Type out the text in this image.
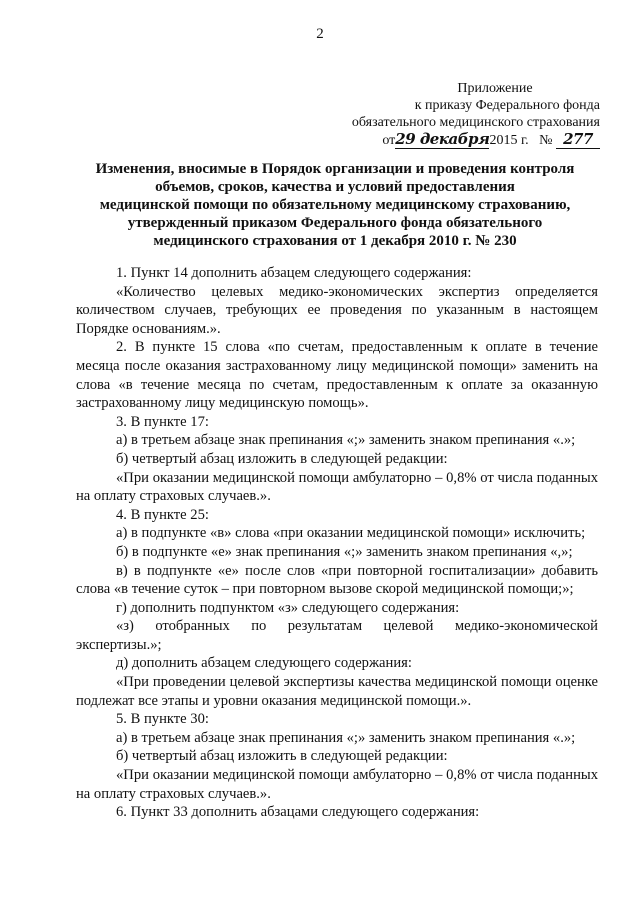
2
Приложение
к приказу Федерального фонда
обязательного медицинского страхования
от29 декабря2015 г. № 277
Изменения, вносимые в Порядок организации и проведения контроля
объемов, сроков, качества и условий предоставления
медицинской помощи по обязательному медицинскому страхованию,
утвержденный приказом Федерального фонда обязательного
медицинского страхования от 1 декабря 2010 г. № 230

1. Пункт 14 дополнить абзацем следующего содержания:

«Количество целевых медико-экономических экспертиз определяется количеством случаев, требующих ее проведения по указанным в настоящем Порядке основаниям.».

2. В пункте 15 слова «по счетам, предоставленным к оплате в течение месяца после оказания застрахованному лицу медицинской помощи» заменить на слова «в течение месяца по счетам, предоставленным к оплате за оказанную застрахованному лицу медицинскую помощь».

3. В пункте 17:

а) в третьем абзаце знак препинания «;» заменить знаком препинания «.»;

б) четвертый абзац изложить в следующей редакции:

«При оказании медицинской помощи амбулаторно – 0,8% от числа поданных на оплату страховых случаев.».

4. В пункте 25:

а) в подпункте «в» слова «при оказании медицинской помощи» исключить;

б) в подпункте «е» знак препинания «;» заменить знаком препинания «,»;

в) в подпункте «е» после слов «при повторной госпитализации» добавить слова «в течение суток – при повторном вызове скорой медицинской помощи;»;

г) дополнить подпунктом «з» следующего содержания:

«з) отобранных по результатам целевой медико-экономической экспертизы.»;

д) дополнить абзацем следующего содержания:

«При проведении целевой экспертизы качества медицинской помощи оценке подлежат все этапы и уровни оказания медицинской помощи.».

5. В пункте 30:

а) в третьем абзаце знак препинания «;» заменить знаком препинания «.»;

б) четвертый абзац изложить в следующей редакции:

«При оказании медицинской помощи амбулаторно – 0,8% от числа поданных на оплату страховых случаев.».

6. Пункт 33 дополнить абзацами следующего содержания:
